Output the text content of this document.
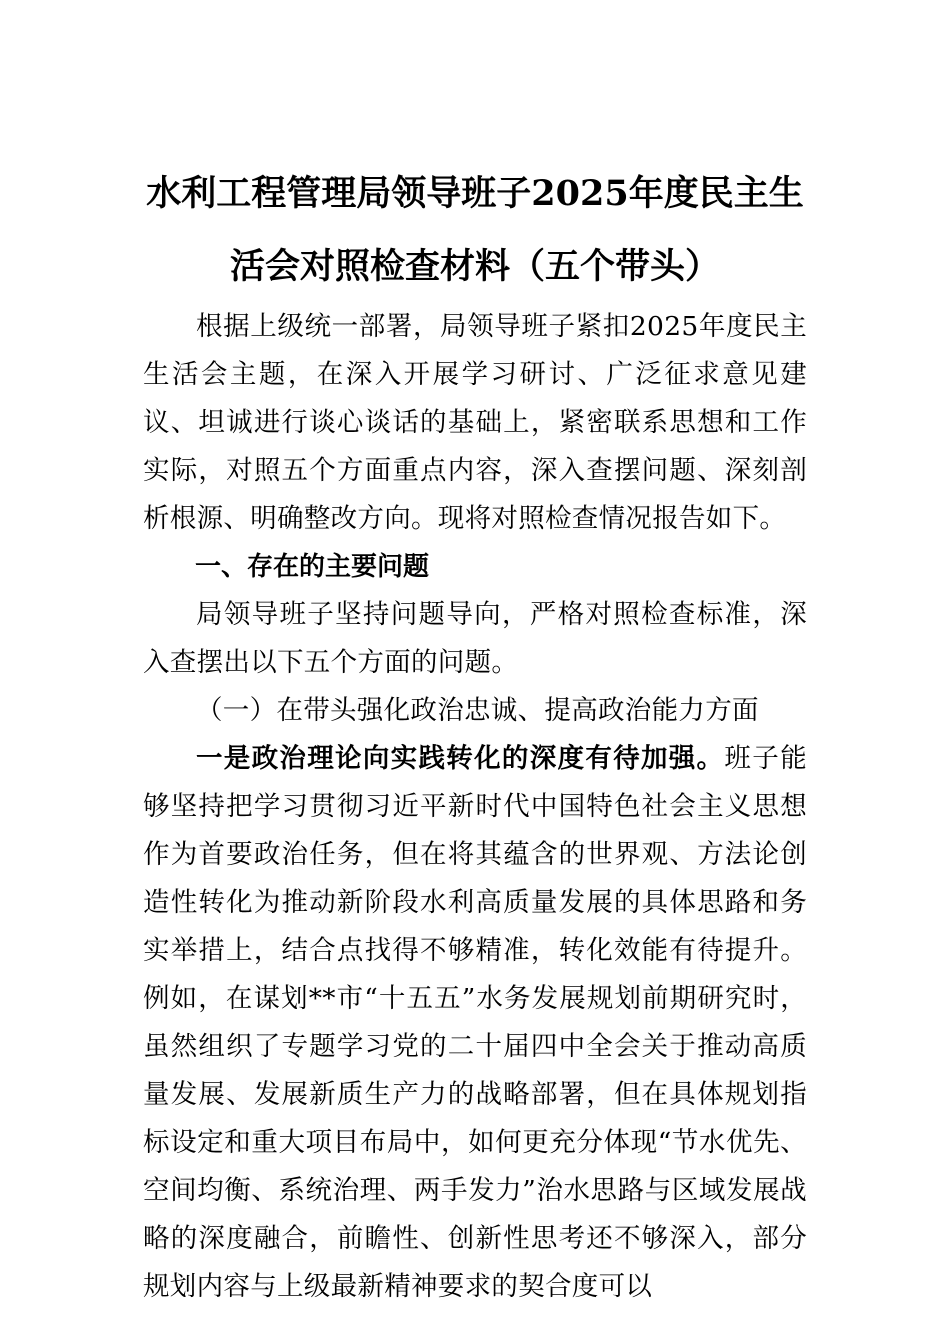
水利工程管理局领导班子2025年度民主生活会对照检查材料（五个带头）

根据上级统一部署，局领导班子紧扣2025年度民主生活会主题，在深入开展学习研讨、广泛征求意见建议、坦诚进行谈心谈话的基础上，紧密联系思想和工作实际，对照五个方面重点内容，深入查摆问题、深刻剖析根源、明确整改方向。现将对照检查情况报告如下。

一、存在的主要问题

局领导班子坚持问题导向，严格对照检查标准，深入查摆出以下五个方面的问题。

（一）在带头强化政治忠诚、提高政治能力方面

一是政治理论向实践转化的深度有待加强。班子能够坚持把学习贯彻习近平新时代中国特色社会主义思想作为首要政治任务，但在将其蕴含的世界观、方法论创造性转化为推动新阶段水利高质量发展的具体思路和务实举措上，结合点找得不够精准，转化效能有待提升。例如，在谋划**市“十五五”水务发展规划前期研究时，虽然组织了专题学习党的二十届四中全会关于推动高质量发展、发展新质生产力的战略部署，但在具体规划指标设定和重大项目布局中，如何更充分体现“节水优先、空间均衡、系统治理、两手发力”治水思路与区域发展战略的深度融合，前瞻性、创新性思考还不够深入，部分规划内容与上级最新精神要求的契合度可以
